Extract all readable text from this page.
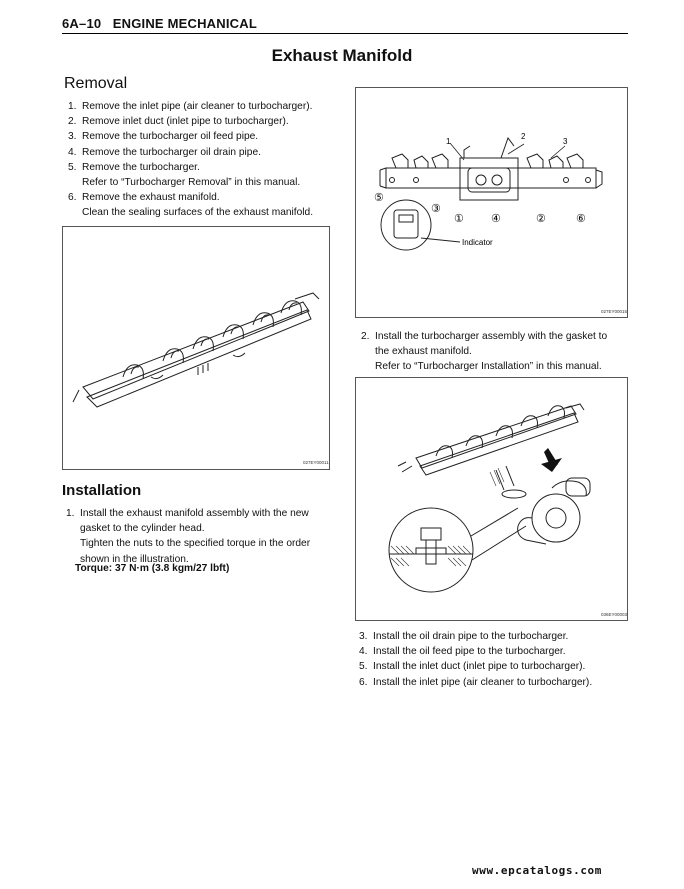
6A–10 ENGINE MECHANICAL
Exhaust Manifold
Removal
1. Remove the inlet pipe (air cleaner to turbocharger).
2. Remove inlet duct (inlet pipe to turbocharger).
3. Remove the turbocharger oil feed pipe.
4. Remove the turbocharger oil drain pipe.
5. Remove the turbocharger.
Refer to “Turbocharger Removal” in this manual.
6. Remove the exhaust manifold.
Clean the sealing surfaces of the exhaust manifold.
027EY00011
Installation
1. Install the exhaust manifold assembly with the new
gasket to the cylinder head.
Tighten the nuts to the specified torque in the order
shown in the illustration.
Torque: 37 N·m (3.8 kgm/27 lbft)
1
2
3
⑤
③
① ④	②	⑥
Indicator
027EY00015
2. Install the turbocharger assembly with the gasket to
the exhaust manifold.
Refer to “Turbocharger Installation” in this manual.
036EY00003
3. Install the oil drain pipe to the turbocharger.
4. Install the oil feed pipe to the turbocharger.
5. Install the inlet duct (inlet pipe to turbocharger).
6. Install the inlet pipe (air cleaner to turbocharger).
www.epcatalogs.com
